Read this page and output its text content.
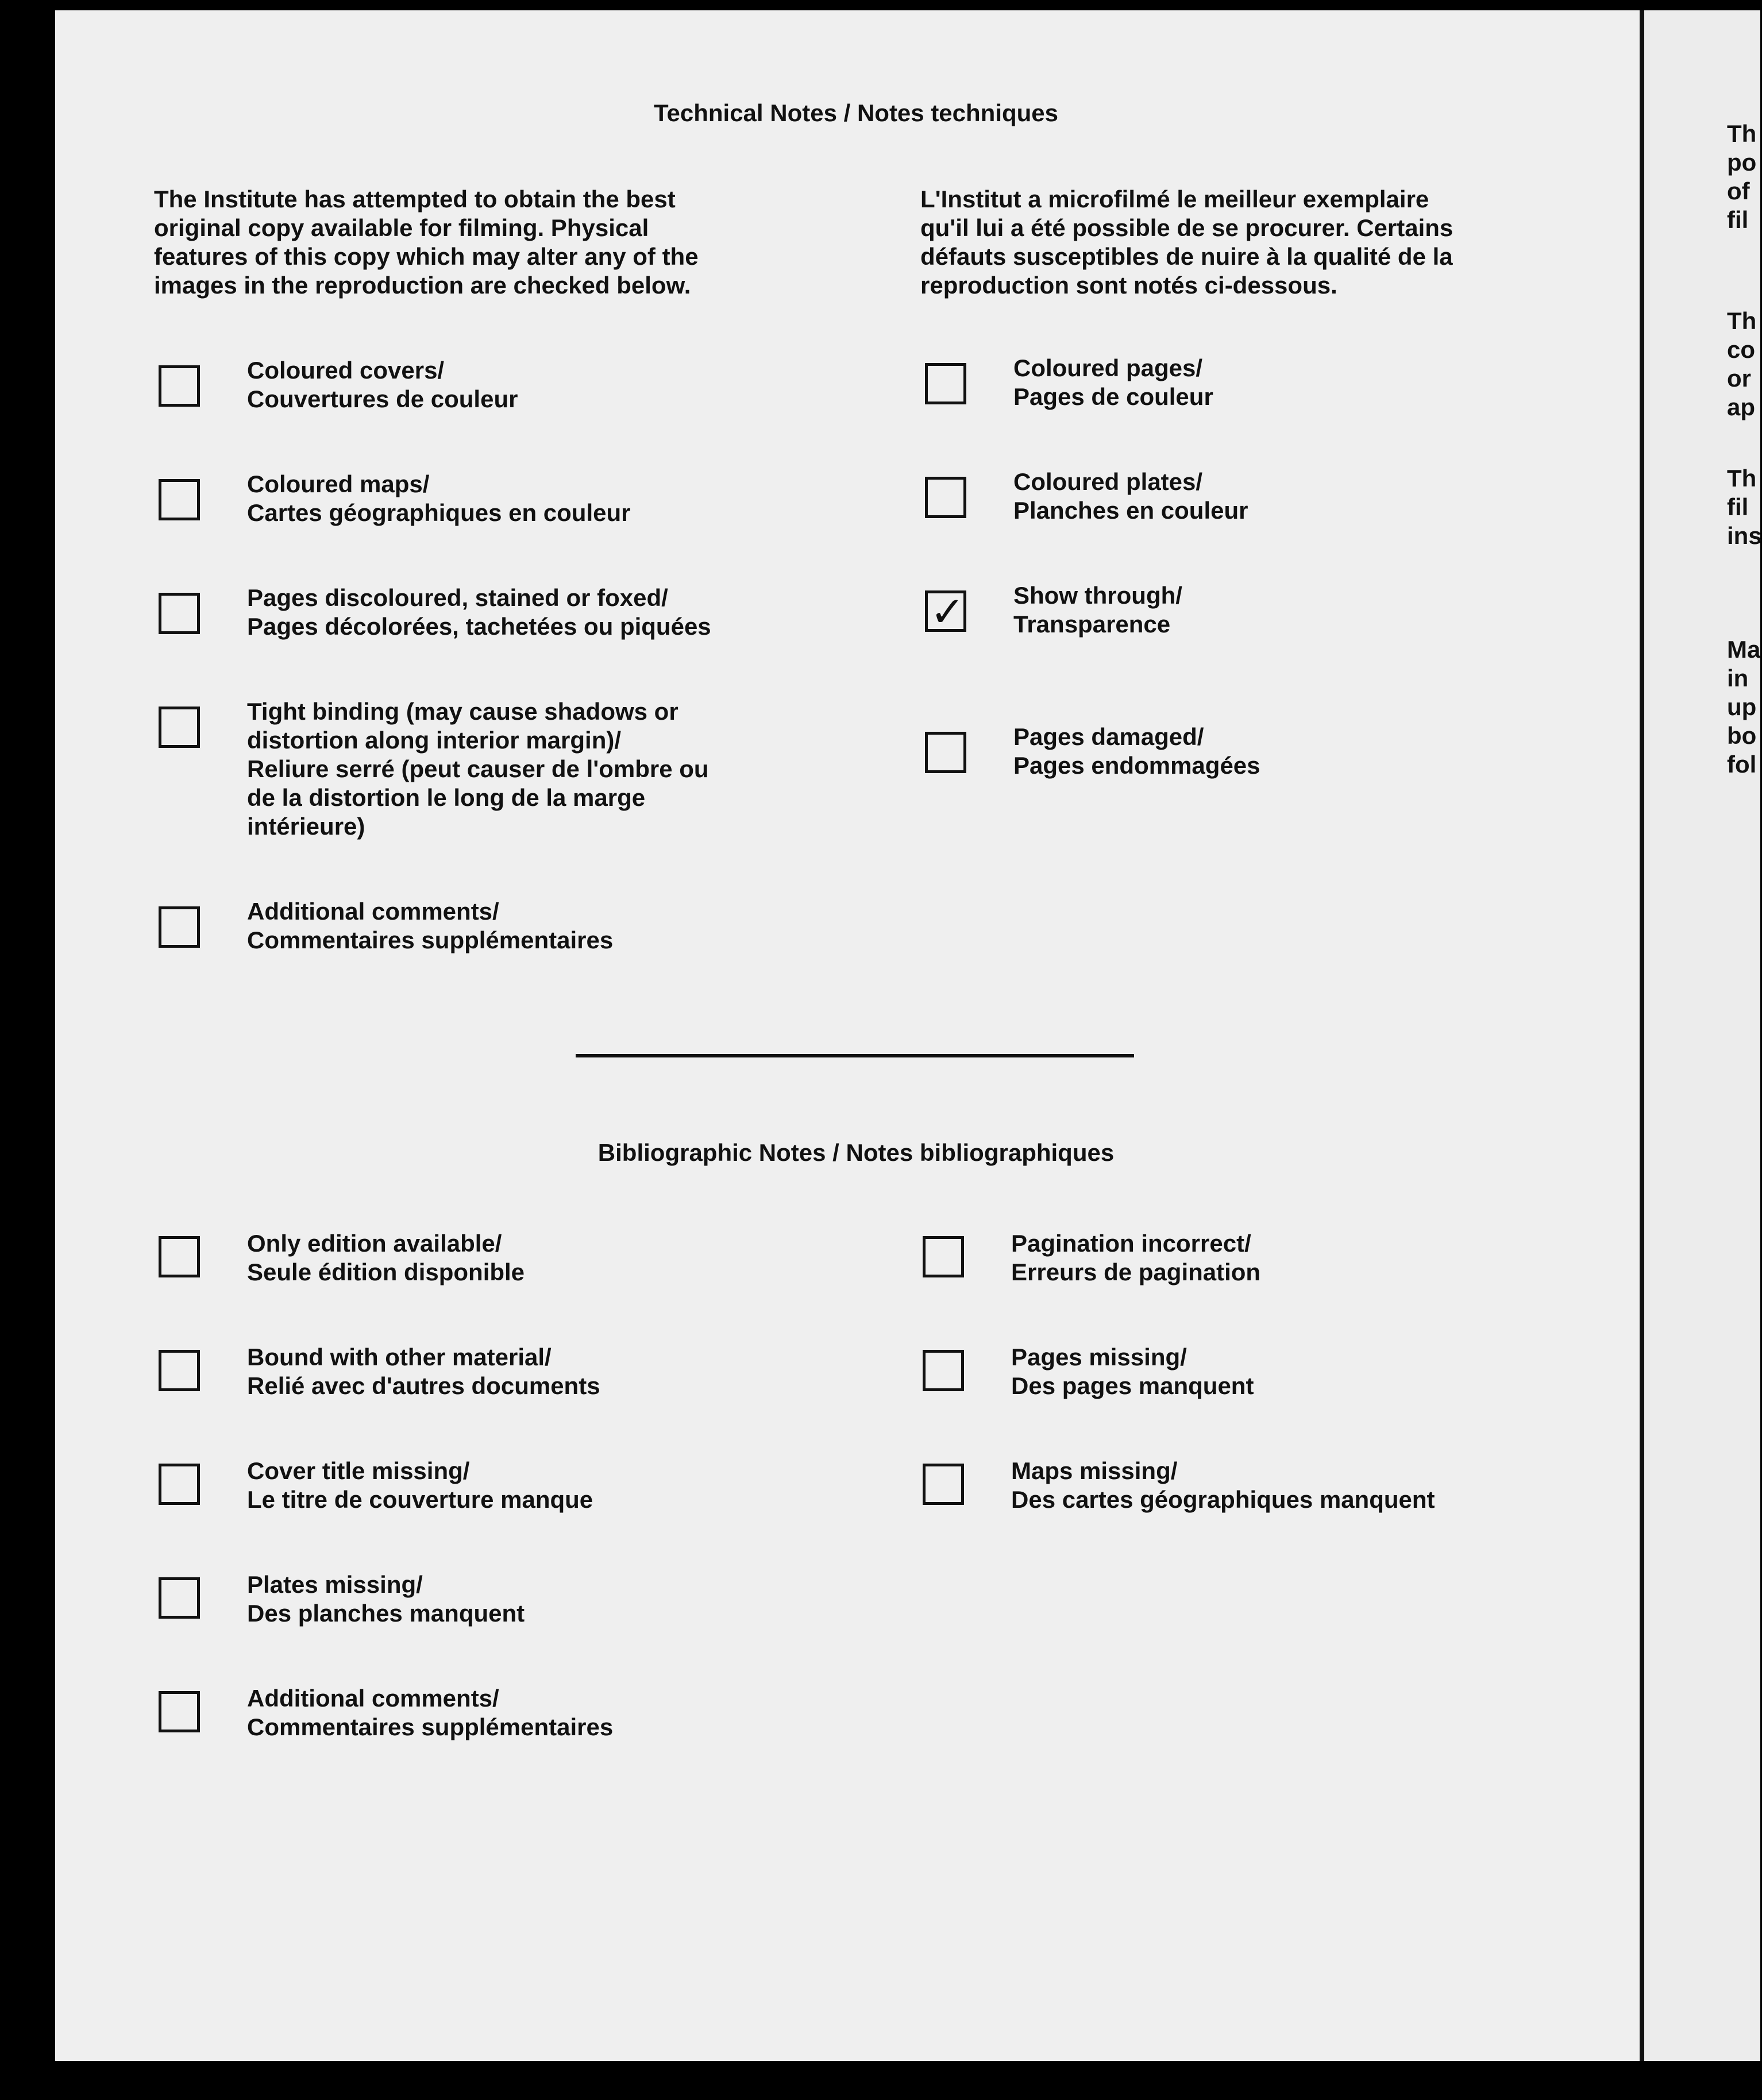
Technical Notes / Notes techniques

The Institute has attempted to obtain the best

original copy available for filming. Physical

features of this copy which may alter any of the

images in the reproduction are checked below.

L'Institut a microfilmé le meilleur exemplaire

qu'il lui a été possible de se procurer. Certains

défauts susceptibles de nuire à la qualité de la

reproduction sont notés ci-dessous.

Coloured covers/

Couvertures de couleur

Coloured maps/

Cartes géographiques en couleur

Pages discoloured, stained or foxed/

Pages décolorées, tachetées ou piquées

Tight binding (may cause shadows or

distortion along interior margin)/

Reliure serré (peut causer de l'ombre ou

de la distortion le long de la marge

intérieure)

Additional comments/

Commentaires supplémentaires

Coloured pages/

Pages de couleur

Coloured plates/

Planches en couleur

✓ Show through/

Transparence

Pages damaged/

Pages endommagées

Bibliographic Notes / Notes bibliographiques

Only edition available/

Seule édition disponible

Bound with other material/

Relié avec d'autres documents

Cover title missing/

Le titre de couverture manque

Plates missing/

Des planches manquent

Additional comments/

Commentaires supplémentaires

Pagination incorrect/

Erreurs de pagination

Pages missing/

Des pages manquent

Maps missing/

Des cartes géographiques manquent

Th

po

of

fil

Th

co

or

ap

Th

fil

ins

Ma

in

up

bo

fol
